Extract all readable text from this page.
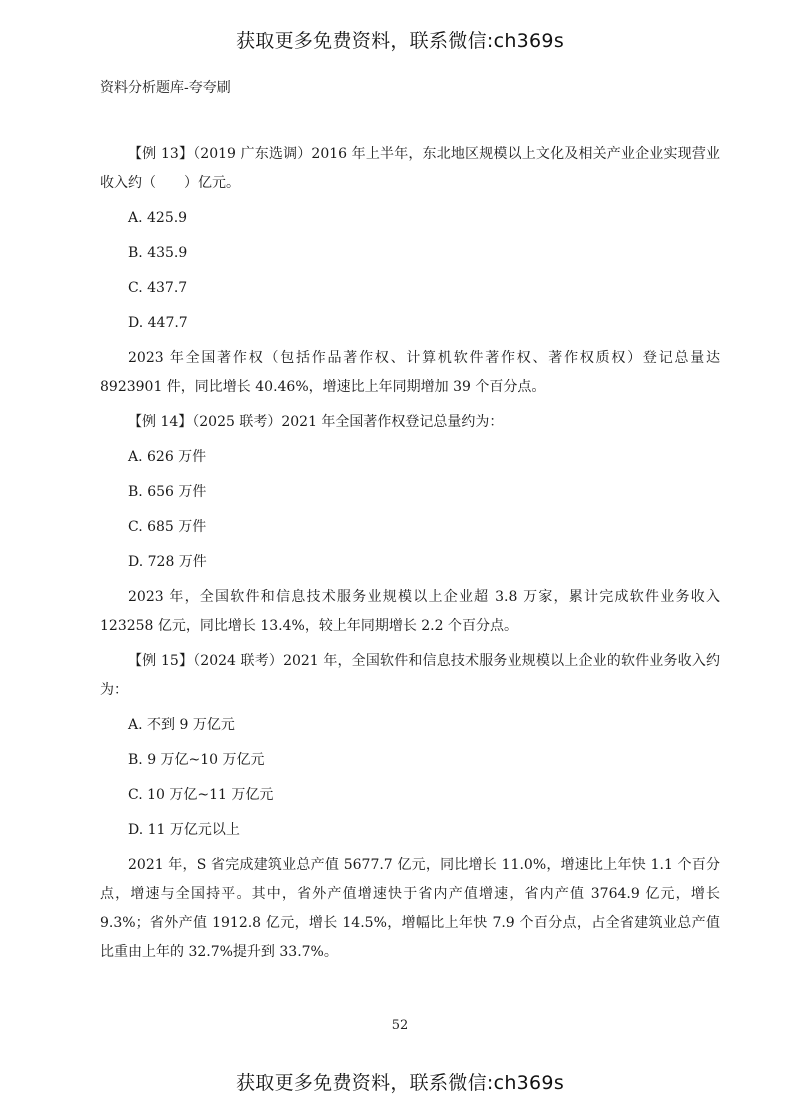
获取更多免费资料，联系微信:ch369s
资料分析题库-夸夸刷

【例 13】（2019 广东选调）2016 年上半年，东北地区规模以上文化及相关产业企业实现营业收入约（　　）亿元。

A. 425.9
B. 435.9
C. 437.7
D. 447.7

2023 年全国著作权（包括作品著作权、计算机软件著作权、著作权质权）登记总量达 8923901 件，同比增长 40.46%，增速比上年同期增加 39 个百分点。

【例 14】（2025 联考）2021 年全国著作权登记总量约为：

A. 626 万件
B. 656 万件
C. 685 万件
D. 728 万件

2023 年，全国软件和信息技术服务业规模以上企业超 3.8 万家，累计完成软件业务收入 123258 亿元，同比增长 13.4%，较上年同期增长 2.2 个百分点。

【例 15】（2024 联考）2021 年，全国软件和信息技术服务业规模以上企业的软件业务收入约为：

A. 不到 9 万亿元
B. 9 万亿~10 万亿元
C. 10 万亿~11 万亿元
D. 11 万亿元以上

2021 年，S 省完成建筑业总产值 5677.7 亿元，同比增长 11.0%，增速比上年快 1.1 个百分点，增速与全国持平。其中，省外产值增速快于省内产值增速，省内产值 3764.9 亿元，增长 9.3%；省外产值 1912.8 亿元，增长 14.5%，增幅比上年快 7.9 个百分点，占全省建筑业总产值比重由上年的 32.7%提升到 33.7%。

52
获取更多免费资料，联系微信:ch369s
